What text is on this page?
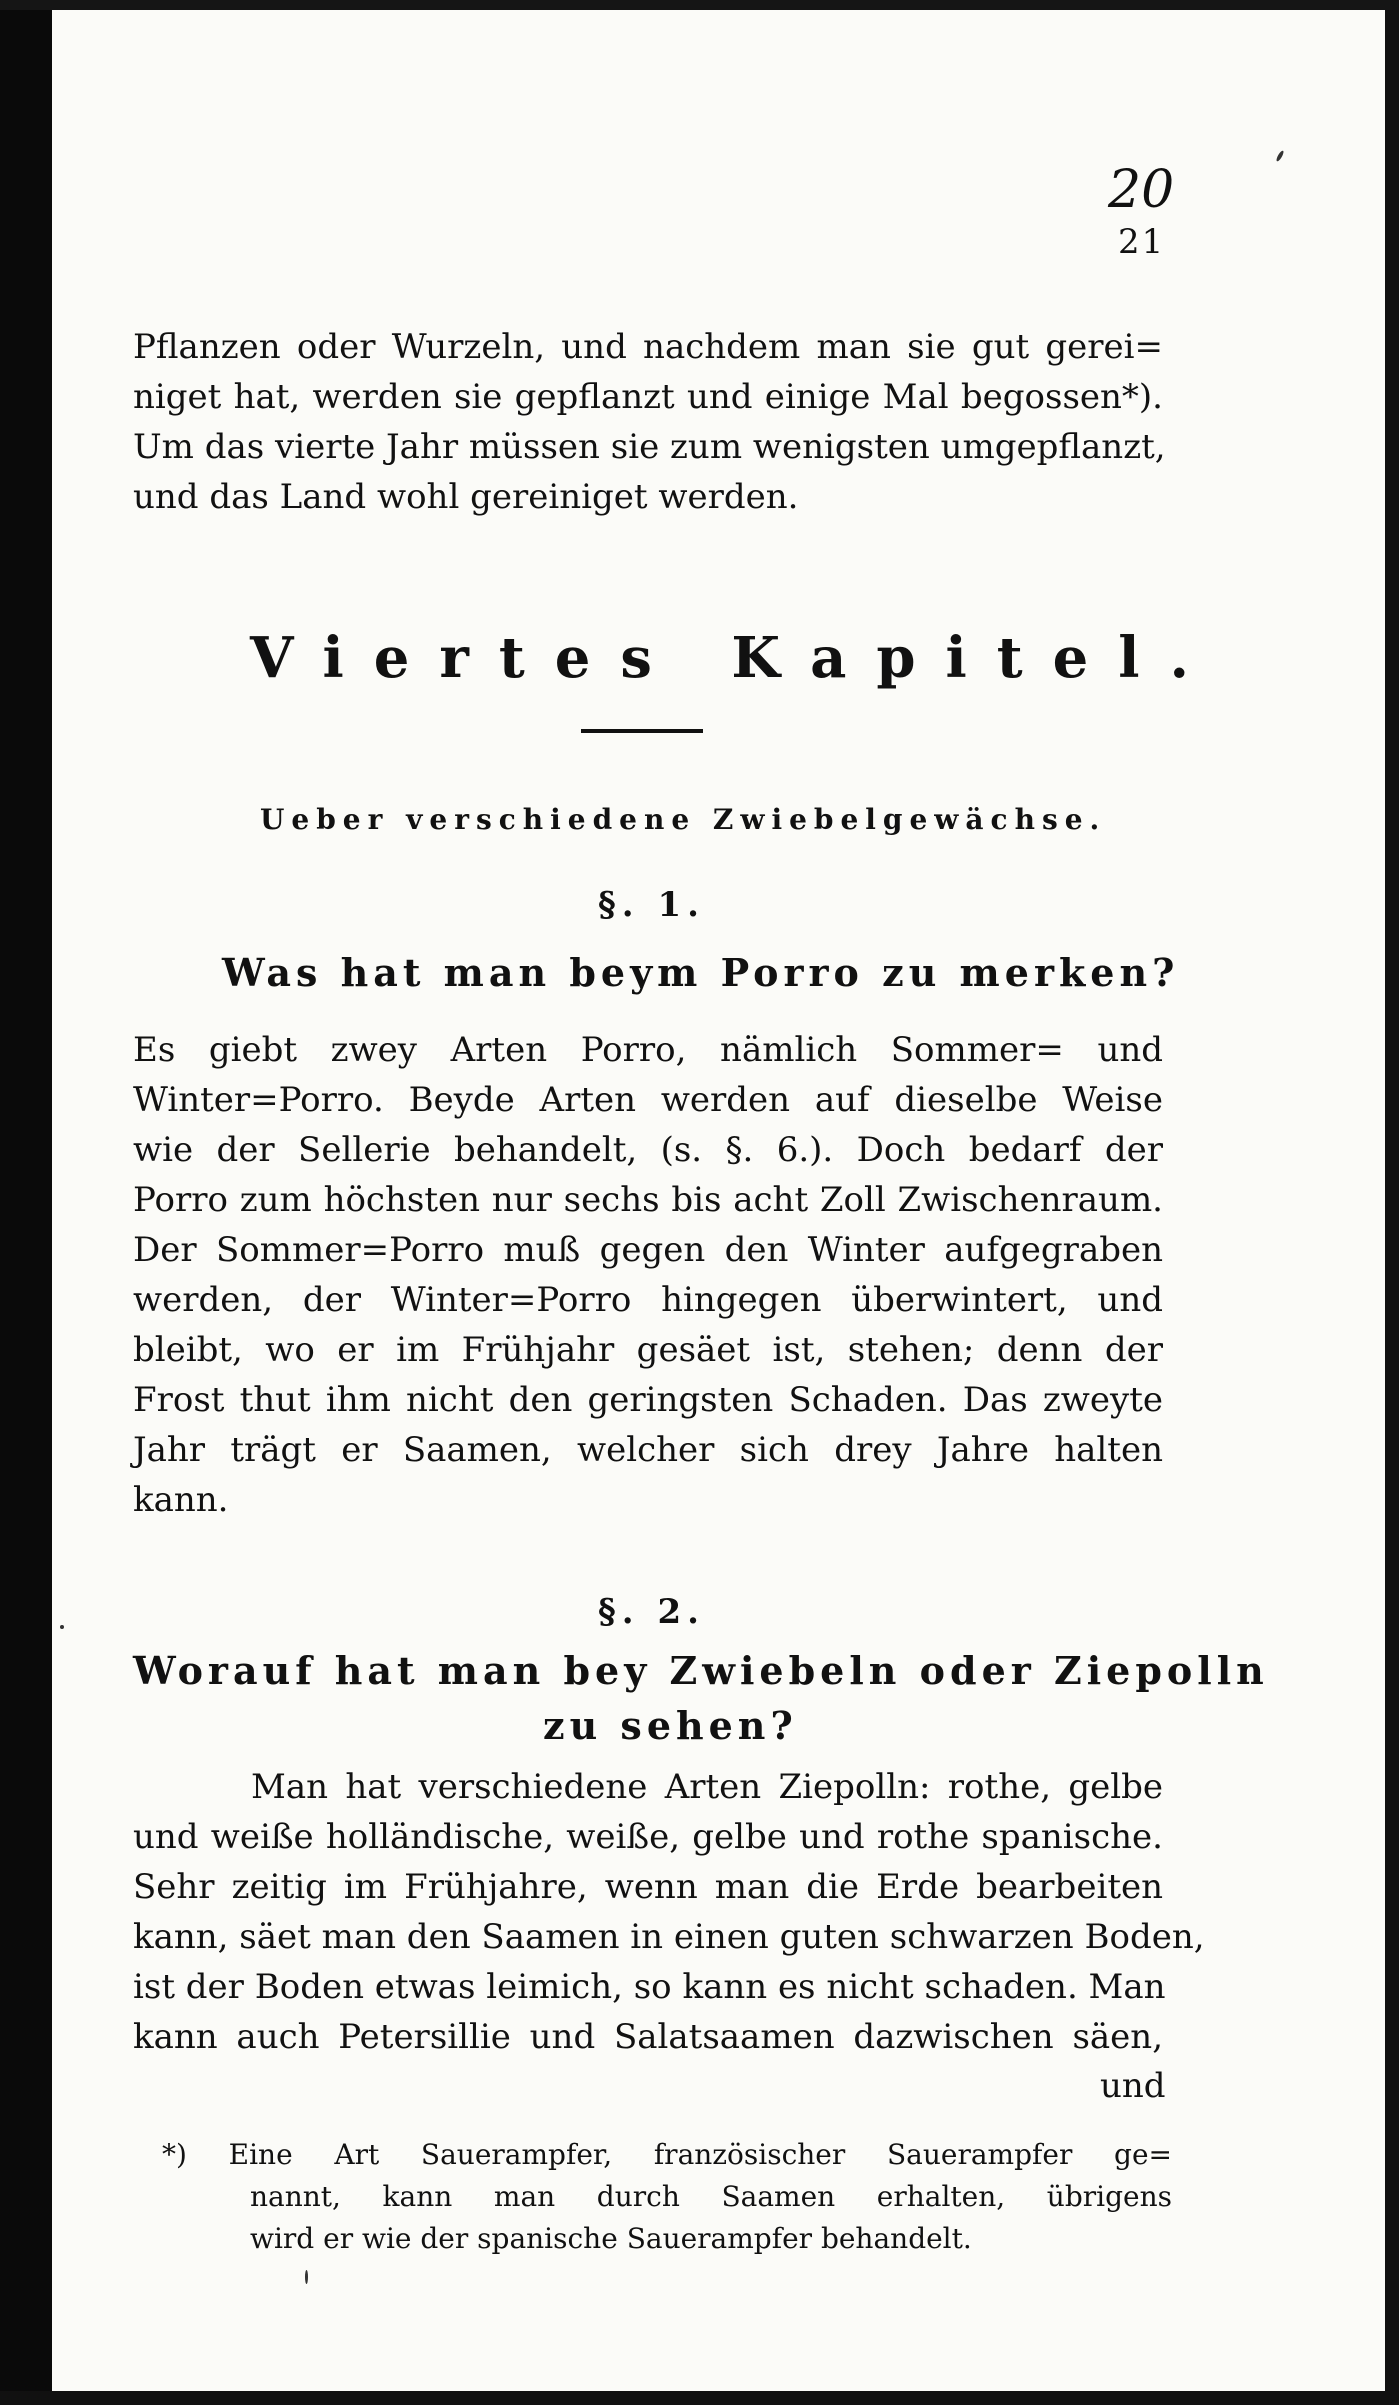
20
21
Pflanzen oder Wurzeln, und nachdem man sie gut gerei=
niget hat, werden sie gepflanzt und einige Mal begossen*).
Um das vierte Jahr müssen sie zum wenigsten umgepflanzt,
und das Land wohl gereiniget werden.
Viertes Kapitel.
Ueber verschiedene Zwiebelgewächse.
§. 1.
Was hat man beym Porro zu merken?
Es giebt zwey Arten Porro, nämlich Sommer= und
Winter=Porro. Beyde Arten werden auf dieselbe Weise
wie der Sellerie behandelt, (s. §. 6.). Doch bedarf der
Porro zum höchsten nur sechs bis acht Zoll Zwischenraum.
Der Sommer=Porro muß gegen den Winter aufgegraben
werden, der Winter=Porro hingegen überwintert, und
bleibt, wo er im Frühjahr gesäet ist, stehen; denn der
Frost thut ihm nicht den geringsten Schaden. Das zweyte
Jahr trägt er Saamen, welcher sich drey Jahre halten
kann.
§. 2.
Worauf hat man bey Zwiebeln oder Ziepolln
zu sehen?
Man hat verschiedene Arten Ziepolln: rothe, gelbe
und weiße holländische, weiße, gelbe und rothe spanische.
Sehr zeitig im Frühjahre, wenn man die Erde bearbeiten
kann, säet man den Saamen in einen guten schwarzen Boden,
ist der Boden etwas leimich, so kann es nicht schaden. Man
kann auch Petersillie und Salatsaamen dazwischen säen,
und
*) Eine Art Sauerampfer, französischer Sauerampfer ge=
nannt, kann man durch Saamen erhalten, übrigens
wird er wie der spanische Sauerampfer behandelt.
